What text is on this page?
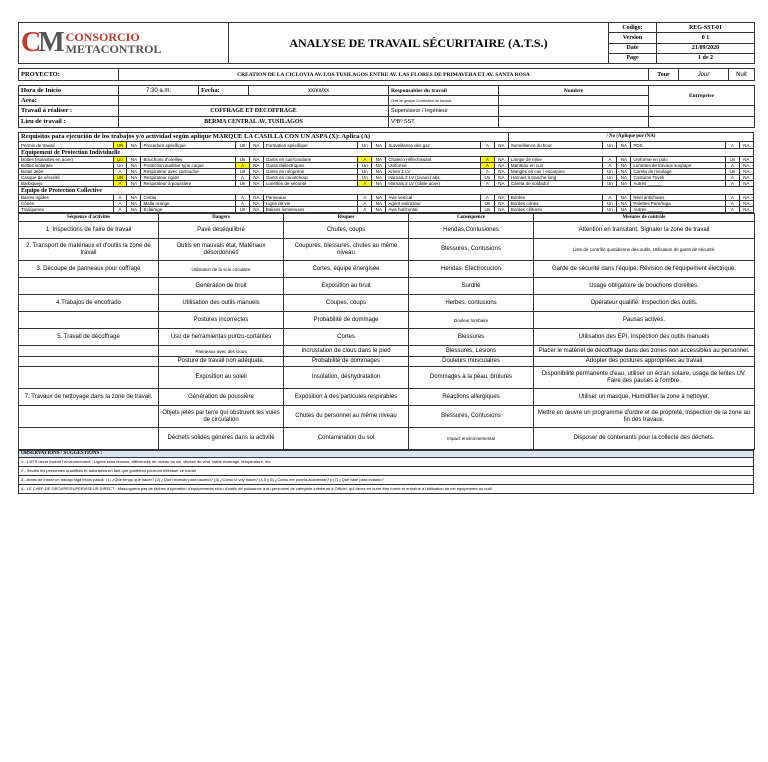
CM CONSORCIO
METACONTROL	ANALYSE DE TRAVAIL SÉCURITAIRE (A.T.S.)	Codigo:	REG-SST-01
		Version	0 1
		Date	21/09/2020
		Page	1 de 2
PROYECTO:	CREATION DE LA CICLOVIA AV. LOS TUSILAGOS ENTRE AV. LAS FLORES DE PRIMAVERA ET AV. SANTA ROSA	Tour	Jour	Nuit
Hora de Inicio	7:30 a.m.	Fecha:	xx/xx/xx	Responsables du travail	Nombre	Entreprise
Area:				Chef de groupe Conducteur de travaux		
Travail à réaliser :	COFFRAGE ET DECOFFRAGE			Superviseur / Ingénieur		
Lieu de travail :	BERMA CENTRAL AV. TUSILAGOS			VºBº SST		
Requisitos para ejecución de los trabajos y/o actividad según aplique MARQUE LA CASILLA CON UN ASPA (X): Aplica (A)												/ No (Aplique por (NA)					
Permis de travail	UN	NA	Procedure spécifique	Un	NA	Formation spécifique	Un	NA	Surveillance des gaz	A	NA	Surveillance du bout	Un	NA	PDS	A	NA
Equipement de Protection Individuelle																	
Bottes (isolantes en acier)	Un	NA	Bouchons d'oreilles	Un	NA	Gants en cuir/coudane	A	NA	Chaleco réfléchissant	A	NA	Lampe de mine	A	NA	Uniforme en polo	Un	NA
Bottes isolantes	Un	NA	Protection auditive type coque	A	NA	Gants diélectriques	Un	NA	Uniforme	A	NA	Manteau en cuir	A	NA	Lunettes de travaux soupape	A	NA
Botas Jebe	A	NA	Respirateur avec cartouche	Un	NA	Gants en néoprène	Un	NA	Arnes 1 LV	A	NA	Manges en cuir / escarpins	Un	NA	Careta de meulage	Un	NA
Casque de sécurité	UN	NA	Respirateur rigide	A	NA	Gants en caoutchouc	Un	NA	Harnais 2 LV (civaux) abs.	Un	NA	Harnais à tranche long	Un	NA	Costume Tyvek	A	NA
Barbiquejo	A	NA	Respirateur à poussière	Un	NA	Lunettes de sécurité	A	NA	Harnais 2 LV (câble acier)	A	NA	Careta de soldador	Un	NA	Autres ______	A	NA
Equipo de Protection Collective																	
Barres rigides	A	NA	Cintas	A	NA	Panneaux	A	NA	Avis vertical	A	NA	Bordes	A	NA	Réel antichutes	A	NA
Cônes	A	NA	Malla orange	A	NA	Ligne de vie	A	NA	Agent extincteur	Un	NA	Bordes cônes	Un	NA	Palettes Pare/Siga	A	NA
Tranqueres	A	NA	Éclairage	Un	NA	Balises lumineuses	A	NA	Avis horizontal	Un	NA	Bordes clôtures	Un	NA	Autres ______	A	NA
Séquence d'activités	Dangers	Risques	Conséquence	Mesures de contrôle
1. Inspections de l'aire de travail	Pavé déséquilibré	Chutes, coups	Heridas,Contusiones	Attention en transitant. Signaler la zone de travail
2. Transport de matériaux et d'outils la zone de travail	Outils en mauvais état, Matériaux désordonnés	Coupures, blessures, chutes au même niveau	Blessures, Contusions	Liste de contrôle quotidienne des outils. Utilisation de gants de sécurité.
3. Découpe de panneaux pour coffrage	Utilisation de la scie circulaire	Cortes, équipe énergisée	Heridas. Electrocucion	Garde de sécurité dans l'équipe. Révision de l'équipement électrique.
	Génération de bruit	Exposition au bruit	Surdité	Usage obligatoire de bouchons d'oreilles.
4.Trabajos de encofrado	Utilisation des outils manuels	Coupes, coups	Herbes, contusions	Opérateur qualifié. Inspection des outils.
	Postures incorrectes	Probabilité de dommage	Douleur lombaire	Pausas actives.
5. Travail de décoffrage	Uso de herramientas punzo-cortantes	Cortes	Blessures	Utilisation des EPI, Inspection des outils manuels
	Panneaux avec des clous	Incrustation de clous dans le pied	Blessures, Lésions	Placer le matériel de décoffrage dans des zones non accessibles au personnel.
	Posture de travail non adéquate.	Probabilité de dommages	Douleurs musculaires	Adopter des postures appropriées au travail
	Exposition au soleil	Insolation, déshydratation	Dommages à la peau, brûlures	Disponibilité permanente d'eau, utiliser un écran solaire, usage de lentes UV. Faire des pauses à l'ombre.
7. Travaux de nettoyage dans la zone de travail.	Génération de poussière	Exposition à des particules respirables	Réactions allergiques	Utiliser un masque, Humidifier la zone à nettoyer.
	Objets jetés par terre qui obstruent les voies de circulation	Chutes du personnel au même niveau	Blessures, Contusions	Mettre en œuvre un programme d'ordre et de propreté, inspection de la zone au fin des travaux.
	Déchets solides générés dans la activité	Contamination du sol	Impact environnemental	Disposer de contenants pour la collecte des déchets.
OBSERVATIONS / SUGGESTIONS :
1.- L'ATS devra inclure l'environnement : Lignes sous tension, différences de niveau du sol, vitesse du vent, faible éclairage, température, etc.
2.- Seules les personnes qualifiées et autorisées en tant que guetteurs pourront effectuer ce travail
3.- Antes de iniciar un trabajo siga estos pasos: (1) ¿Qué tengo que hacer? (2) ¿Qué necesito para hacerlo? (3) ¿Cómo lo voy hacer? (4,5 y 6) ¿Cómo me podría accidentar? y (7) ¿Qué haré para evitarlo?
4.- LE CHEF DE GROUPE/SUPERVISEUR DIRECT : Mascognera pas de tâches d'opération d'équipements et/ou d'outils de puissance à du personnel de catégorie inférieure à Officiel, qui devra en outre être formé et entraîné à l'utilisation de cet équipement ou outil.
